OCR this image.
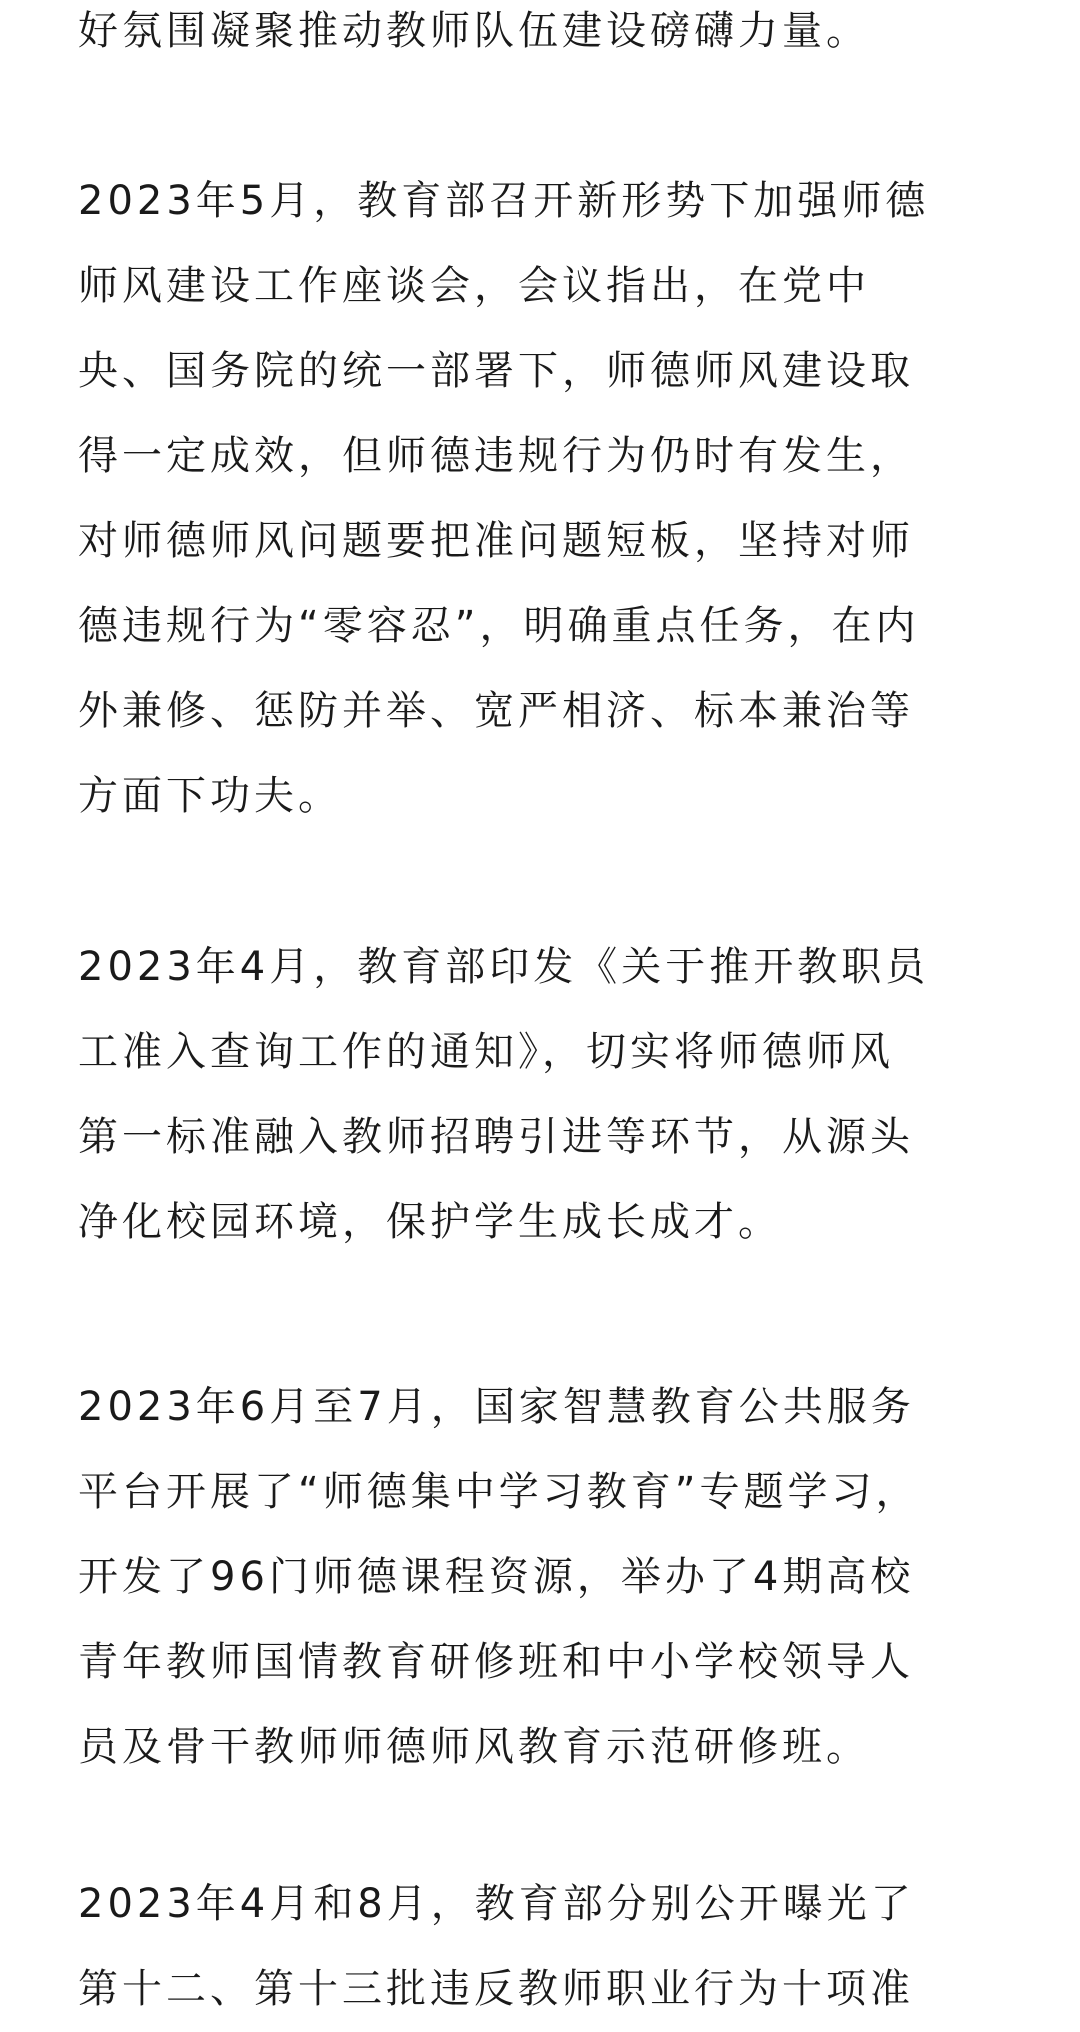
好氛围凝聚推动教师队伍建设磅礴力量。

2023年5月，教育部召开新形势下加强师德
师风建设工作座谈会，会议指出，在党中
央、国务院的统一部署下，师德师风建设取
得一定成效，但师德违规行为仍时有发生，
对师德师风问题要把准问题短板，坚持对师
德违规行为“零容忍”，明确重点任务，在内
外兼修、惩防并举、宽严相济、标本兼治等
方面下功夫。

2023年4月，教育部印发《关于推开教职员
工准入查询工作的通知》，切实将师德师风
第一标准融入教师招聘引进等环节，从源头
净化校园环境，保护学生成长成才。

2023年6月至7月，国家智慧教育公共服务
平台开展了“师德集中学习教育”专题学习，
开发了96门师德课程资源，举办了4期高校
青年教师国情教育研修班和中小学校领导人
员及骨干教师师德师风教育示范研修班。

2023年4月和8月，教育部分别公开曝光了
第十二、第十三批违反教师职业行为十项准
